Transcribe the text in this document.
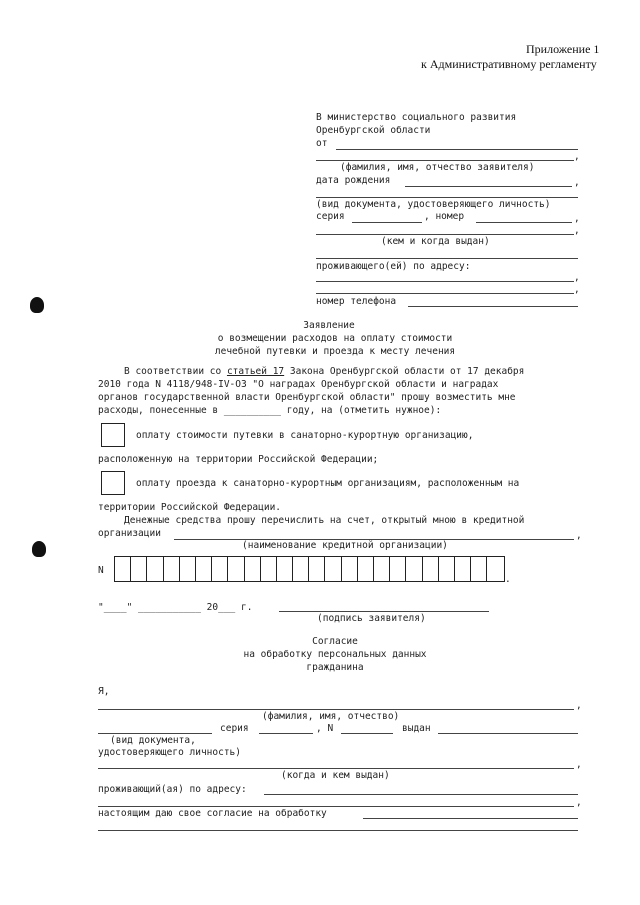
Приложение 1
к Административному регламенту
В министерство социального развития
Оренбургской области
от
,
(фамилия, имя, отчество заявителя)
дата рождения	,
(вид документа, удостоверяющего личность)
серия	, номер	,
,
(кем и когда выдан)
проживающего(ей) по адресу:
,
,
номер телефона
Заявление
о возмещении расходов на оплату стоимости
лечебной путевки и проезда к месту лечения
В соответствии со статьей 17 Закона Оренбургской области от 17 декабря
2010 года N 4118/948-IV-ОЗ "О наградах Оренбургской области и наградах
органов государственной власти Оренбургской области" прошу возместить мне
расходы, понесенные в __________ году, на (отметить нужное):
оплату стоимости путевки в санаторно-курортную организацию,
расположенную на территории Российской Федерации;
оплату проезда к санаторно-курортным организациям, расположенным на
территории Российской Федерации.
Денежные средства прошу перечислить на счет, открытый мною в кредитной
организации	,
(наименование кредитной организации)
N
.
"____" ___________ 20___ г.
(подпись заявителя)
Согласие
на обработку персональных данных
гражданина
Я,
,
(фамилия, имя, отчество)
серия	, N	выдан
(вид документа,
удостоверяющего личность)
,
(когда и кем выдан)
проживающий(ая) по адресу:
,
настоящим даю свое согласие на обработку
